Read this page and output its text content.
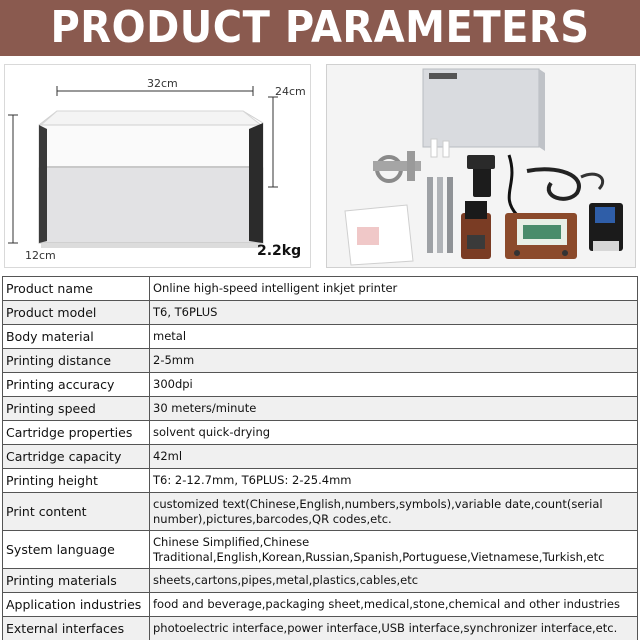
PRODUCT PARAMETERS
32cm
24cm
12cm	2.2kg
Product name	Online high-speed intelligent inkjet printer
Product model	T6, T6PLUS
Body material	metal
Printing distance	2-5mm
Printing accuracy	300dpi
Printing speed	30 meters/minute
Cartridge properties	solvent quick-drying
Cartridge capacity	42ml
Printing height	T6: 2-12.7mm, T6PLUS: 2-25.4mm
Print content	customized text(Chinese,English,numbers,symbols),variable date,count(serial number),pictures,barcodes,QR codes,etc.
System language	Chinese Simplified,Chinese Traditional,English,Korean,Russian,Spanish,Portuguese,Vietnamese,Turkish,etc
Printing materials	sheets,cartons,pipes,metal,plastics,cables,etc
Application industries	food and beverage,packaging sheet,medical,stone,chemical and other industries
External interfaces	photoelectric interface,power interface,USB interface,synchronizer interface,etc.
